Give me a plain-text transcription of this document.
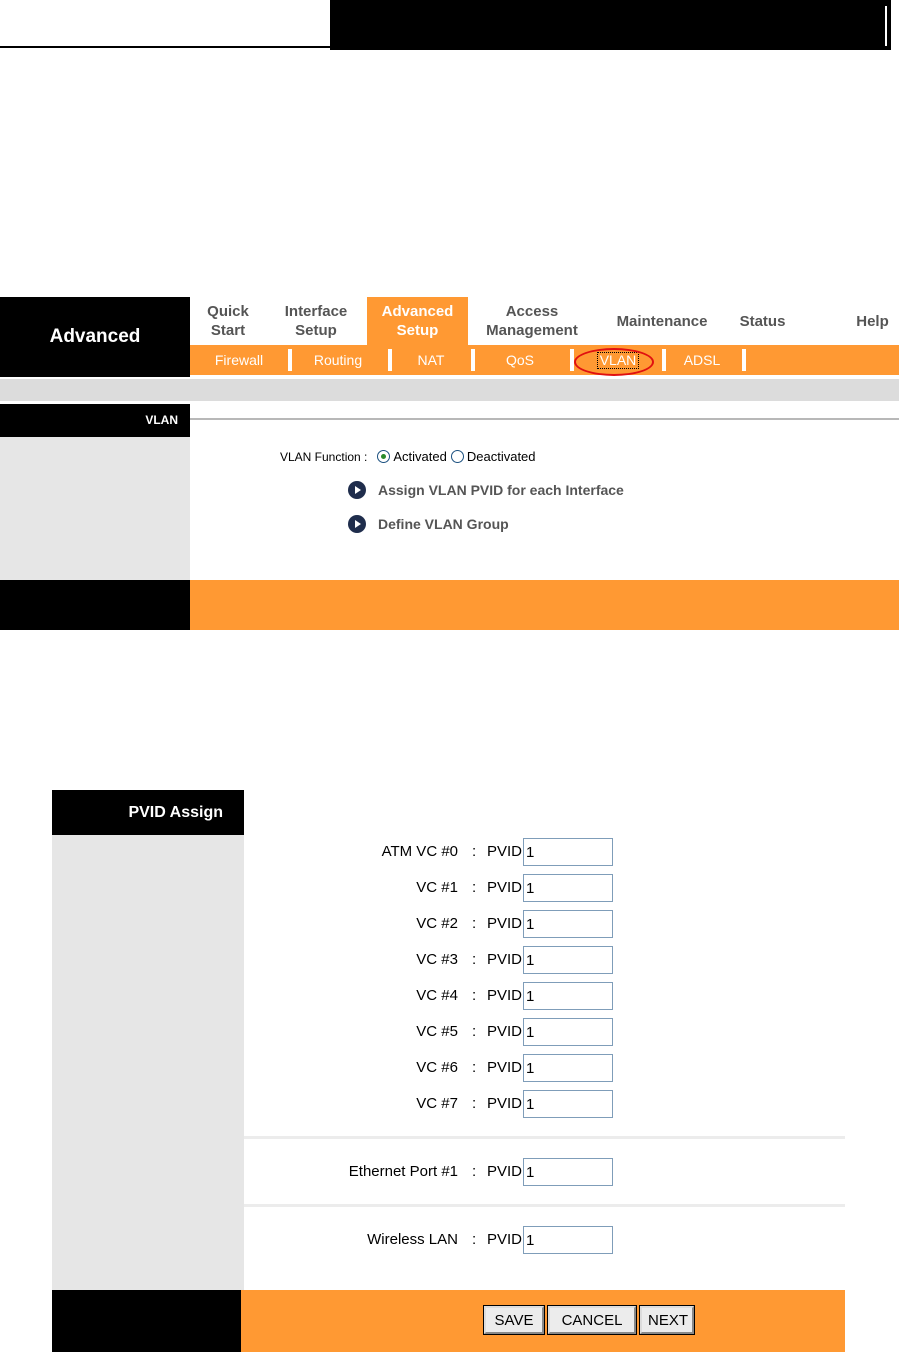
Advanced
Quick
Start
Interface
Setup
Advanced
Setup
Access
Management
Maintenance	Status	Help
Firewall	Routing	NAT	QoS	VLAN	ADSL
VLAN
VLAN Function : Activated Deactivated
Assign VLAN PVID for each Interface
Define VLAN Group
PVID Assign
ATM VC #0 : PVID
1
VC #1 : PVID
1
VC #2 : PVID
1
VC #3 : PVID
1
VC #4 : PVID
1
VC #5 : PVID
1
VC #6 : PVID
1
VC #7 : PVID
1
Ethernet Port #1 : PVID
1
Wireless LAN : PVID
1
SAVE	CANCEL	NEXT
